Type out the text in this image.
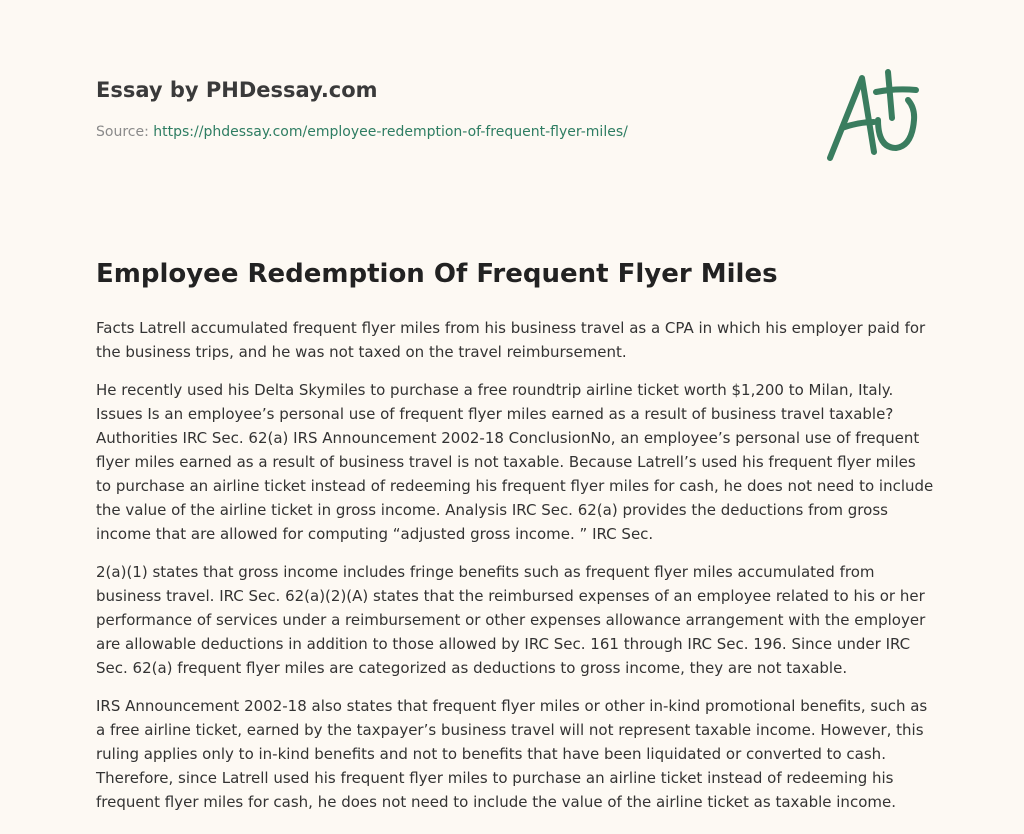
Essay by PHDessay.com
Source: https://phdessay.com/employee-redemption-of-frequent-flyer-miles/
Employee Redemption Of Frequent Flyer Miles

Facts Latrell accumulated frequent flyer miles from his business travel as a CPA in which his employer paid for the business trips, and he was not taxed on the travel reimbursement.

He recently used his Delta Skymiles to purchase a free roundtrip airline ticket worth $1,200 to Milan, Italy. Issues Is an employee’s personal use of frequent flyer miles earned as a result of business travel taxable? Authorities IRC Sec. 62(a) IRS Announcement 2002-18 ConclusionNo, an employee’s personal use of frequent flyer miles earned as a result of business travel is not taxable. Because Latrell’s used his frequent flyer miles to purchase an airline ticket instead of redeeming his frequent flyer miles for cash, he does not need to include the value of the airline ticket in gross income. Analysis IRC Sec. 62(a) provides the deductions from gross income that are allowed for computing “adjusted gross income. ” IRC Sec.

2(a)(1) states that gross income includes fringe benefits such as frequent flyer miles accumulated from business travel. IRC Sec. 62(a)(2)(A) states that the reimbursed expenses of an employee related to his or her performance of services under a reimbursement or other expenses allowance arrangement with the employer are allowable deductions in addition to those allowed by IRC Sec. 161 through IRC Sec. 196. Since under IRC Sec. 62(a) frequent flyer miles are categorized as deductions to gross income, they are not taxable.

IRS Announcement 2002-18 also states that frequent flyer miles or other in-kind promotional benefits, such as a free airline ticket, earned by the taxpayer’s business travel will not represent taxable income. However, this ruling applies only to in-kind benefits and not to benefits that have been liquidated or converted to cash. Therefore, since Latrell used his frequent flyer miles to purchase an airline ticket instead of redeeming his frequent flyer miles for cash, he does not need to include the value of the airline ticket as taxable income.
